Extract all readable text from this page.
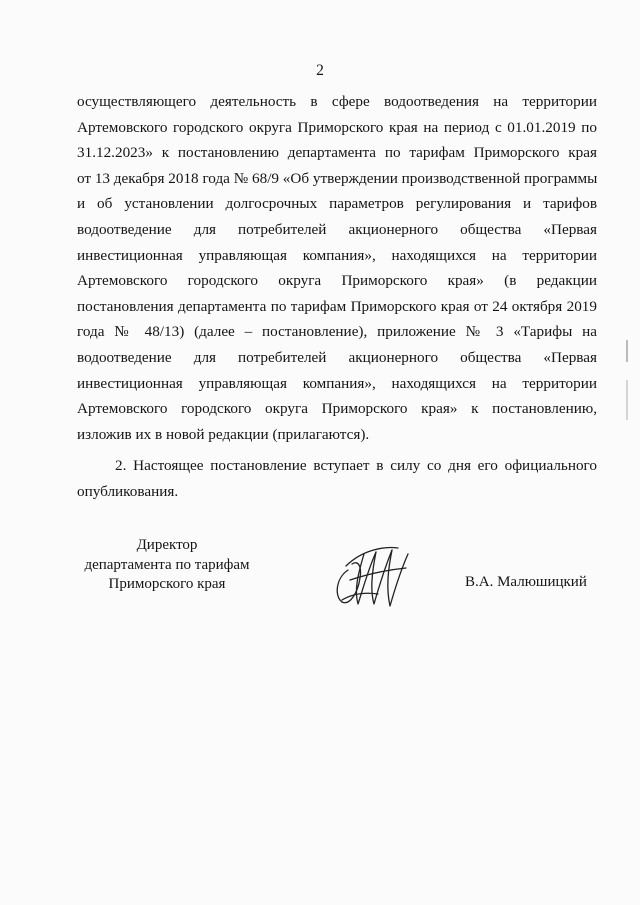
2
осуществляющего деятельность в сфере водоотведения на территории
Артемовского городского округа Приморского края на период с 01.01.2019 по
31.12.2023» к постановлению департамента по тарифам Приморского края
от 13 декабря 2018 года № 68/9 «Об утверждении производственной программы
и об установлении долгосрочных параметров регулирования и тарифов
водоотведение для потребителей акционерного общества «Первая
инвестиционная управляющая компания», находящихся на территории
Артемовского городского округа Приморского края» (в редакции
постановления департамента по тарифам Приморского края от 24 октября 2019
года № 48/13) (далее – постановление), приложение № 3 «Тарифы на
водоотведение для потребителей акционерного общества «Первая
инвестиционная управляющая компания», находящихся на территории
Артемовского городского округа Приморского края» к постановлению,
изложив их в новой редакции (прилагаются).
2. Настоящее постановление вступает в силу со дня его официального
опубликования.
Директор
департамента по тарифам
Приморского края	В.А. Малюшицкий
